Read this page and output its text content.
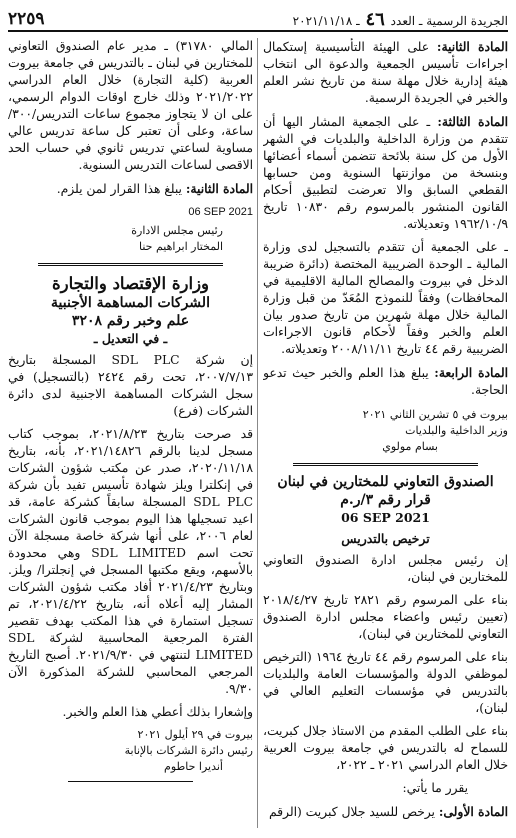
الجريدة الرسمية ـ العدد ٤٦ ـ ٢٠٢١/١١/١٨
٢٢٥٩

المادة الثانية: على الهيئة التأسيسية إستكمال اجراءات تأسيس الجمعية والدعوة الى انتخاب هيئة إدارية خلال مهلة سنة من تاريخ نشر العلم والخبر في الجريدة الرسمية.

المادة الثالثة: ـ على الجمعية المشار اليها أن تتقدم من وزارة الداخلية والبلديات في الشهر الأول من كل سنة بلائحة تتضمن أسماء أعضائها وبنسخة من موازنتها السنوية ومن حسابها القطعي السابق والا تعرضت لتطبيق أحكام القانون المنشور بالمرسوم رقم ١٠٨٣٠ تاريخ ١٩٦٢/١٠/٩ وتعديلاته.

ـ على الجمعية أن تتقدم بالتسجيل لدى وزارة المالية ـ الوحدة الضريبية المختصة (دائرة ضريبة الدخل في بيروت والمصالح المالية الاقليمية في المحافظات) وفقاً للنموذج المُعَدّ من قبل وزارة المالية خلال مهلة شهرين من تاريخ صدور بيان العلم والخبر وفقاً لأحكام قانون الاجراءات الضريبية رقم ٤٤ تاريخ ٢٠٠٨/١١/١١ وتعديلاته.

المادة الرابعة: يبلغ هذا العلم والخبر حيث تدعو الحاجة.

بيروت في ٥ تشرين الثاني ٢٠٢١

وزير الداخلية والبلديات

بسام مولوي

الصندوق التعاوني للمختارين في لبنان
قرار رقم ٣/ر.م
06 SEP 2021
ترخيص بالتدريس

إن رئيس مجلس ادارة الصندوق التعاوني للمختارين في لبنان،

بناء على المرسوم رقم ٢٨٢١ تاريخ ٢٠١٨/٤/٢٧ (تعيين رئيس واعضاء مجلس ادارة الصندوق التعاوني للمختارين في لبنان)،

بناء على المرسوم رقم ٤٤ تاريخ ١٩٦٤ (الترخيص لموظفي الدولة والمؤسسات العامة والبلديات بالتدريس في مؤسسات التعليم العالي في لبنان)،

بناء على الطلب المقدم من الاستاذ جلال كبريت، للسماح له بالتدريس في جامعة بيروت العربية خلال العام الدراسي ٢٠٢١ ـ ٢٠٢٢،

يقرر ما يأتي:

المادة الأولى: يرخص للسيد جلال كبريت (الرقم

المالي ٣١٧٨٠) ـ مدير عام الصندوق التعاوني للمختارين في لبنان ـ بالتدريس في جامعة بيروت العربية (كلية التجارة) خلال العام الدراسي ٢٠٢١/٢٠٢٢ وذلك خارج اوقات الدوام الرسمي، على ان لا يتجاوز مجموع ساعات التدريس/٣٠٠/ ساعة، وعلى أن تعتبر كل ساعة تدريس عالي مساوية لساعتي تدريس ثانوي في حساب الحد الاقصى لساعات التدريس السنوية.

المادة الثانية: يبلغ هذا القرار لمن يلزم.

06 SEP 2021

رئيس مجلس الادارة

المختار ابراهيم حنا

وزارة الإقتصاد والتجارة
الشركات المساهمة الأجنبية
علم وخبر رقم ٣٢٠٨
ـ في التعديل ـ

إن شركة SDL PLC المسجلة بتاريخ ٢٠٠٧/٧/١٣، تحت رقم ٢٤٢٤ (بالتسجيل) في سجل الشركات المساهمة الاجنبية لدى دائرة الشركات (فرع)

قد صرحت بتاريخ ٢٠٢١/٨/٢٣، بموجب كتاب مسجل لدينا بالرقم ٢٠٢١/١٤٨٢٦، بأنه، بتاريخ ٢٠٢٠/١١/١٨، صدر عن مكتب شؤون الشركات في إنكلترا ويلز شهادة تأسيس تفيد بأن شركة SDL PLC المسجلة سابقاً كشركة عامة، قد اعيد تسجيلها هذا اليوم بموجب قانون الشركات لعام ٢٠٠٦، على أنها شركة خاصة مسجلة الآن تحت اسم SDL LIMITED وهي محدودة بالأسهم، ويقع مكتبها المسجل في إنجلترا/ ويلز. وبتاريخ ٢٠٢١/٤/٢٣ أفاد مكتب شؤون الشركات المشار إليه أعلاه أنه، بتاريخ ٢٠٢١/٤/٢٢، تم تسجيل استمارة في هذا المكتب بهدف تقصير الفترة المرجعية المحاسبية لشركة SDL LIMITED لتنتهي في ٢٠٢١/٩/٣٠. أصبح التاريخ المرجعي المحاسبي للشركة المذكورة الآن ٩/٣٠.

وإشعارا بذلك أعطي هذا العلم والخبر.

بيروت في ٢٩ أيلول ٢٠٢١

رئيس دائرة الشركات بالإنابة

أنديرا حاطوم
